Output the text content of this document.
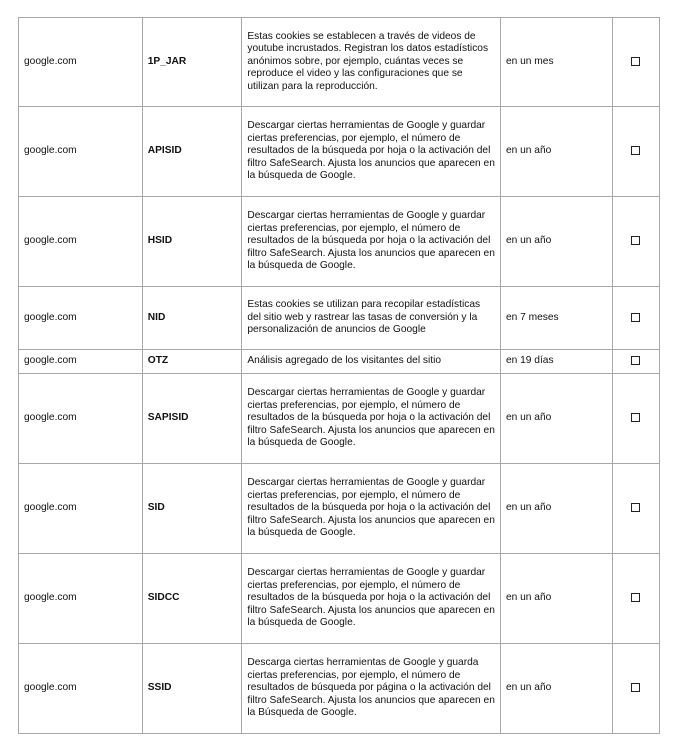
google.com	1P_JAR	Estas cookies se establecen a través de videos de youtube incrustados. Registran los datos estadísticos anónimos sobre, por ejemplo, cuántas veces se reproduce el video y las configuraciones que se utilizan para la reproducción.	en un mes	
google.com	APISID	Descargar ciertas herramientas de Google y guardar ciertas preferencias, por ejemplo, el número de resultados de la búsqueda por hoja o la activación del filtro SafeSearch. Ajusta los anuncios que aparecen en la búsqueda de Google.	en un año	
google.com	HSID	Descargar ciertas herramientas de Google y guardar ciertas preferencias, por ejemplo, el número de resultados de la búsqueda por hoja o la activación del filtro SafeSearch. Ajusta los anuncios que aparecen en la búsqueda de Google.	en un año	
google.com	NID	Estas cookies se utilizan para recopilar estadísticas del sitio web y rastrear las tasas de conversión y la personalización de anuncios de Google	en 7 meses	
google.com	OTZ	Análisis agregado de los visitantes del sitio	en 19 días	
google.com	SAPISID	Descargar ciertas herramientas de Google y guardar ciertas preferencias, por ejemplo, el número de resultados de la búsqueda por hoja o la activación del filtro SafeSearch. Ajusta los anuncios que aparecen en la búsqueda de Google.	en un año	
google.com	SID	Descargar ciertas herramientas de Google y guardar ciertas preferencias, por ejemplo, el número de resultados de la búsqueda por hoja o la activación del filtro SafeSearch. Ajusta los anuncios que aparecen en la búsqueda de Google.	en un año	
google.com	SIDCC	Descargar ciertas herramientas de Google y guardar ciertas preferencias, por ejemplo, el número de resultados de la búsqueda por hoja o la activación del filtro SafeSearch. Ajusta los anuncios que aparecen en la búsqueda de Google.	en un año	
google.com	SSID	Descarga ciertas herramientas de Google y guarda ciertas preferencias, por ejemplo, el número de resultados de búsqueda por página o la activación del filtro SafeSearch. Ajusta los anuncios que aparecen en la Búsqueda de Google.	en un año	
